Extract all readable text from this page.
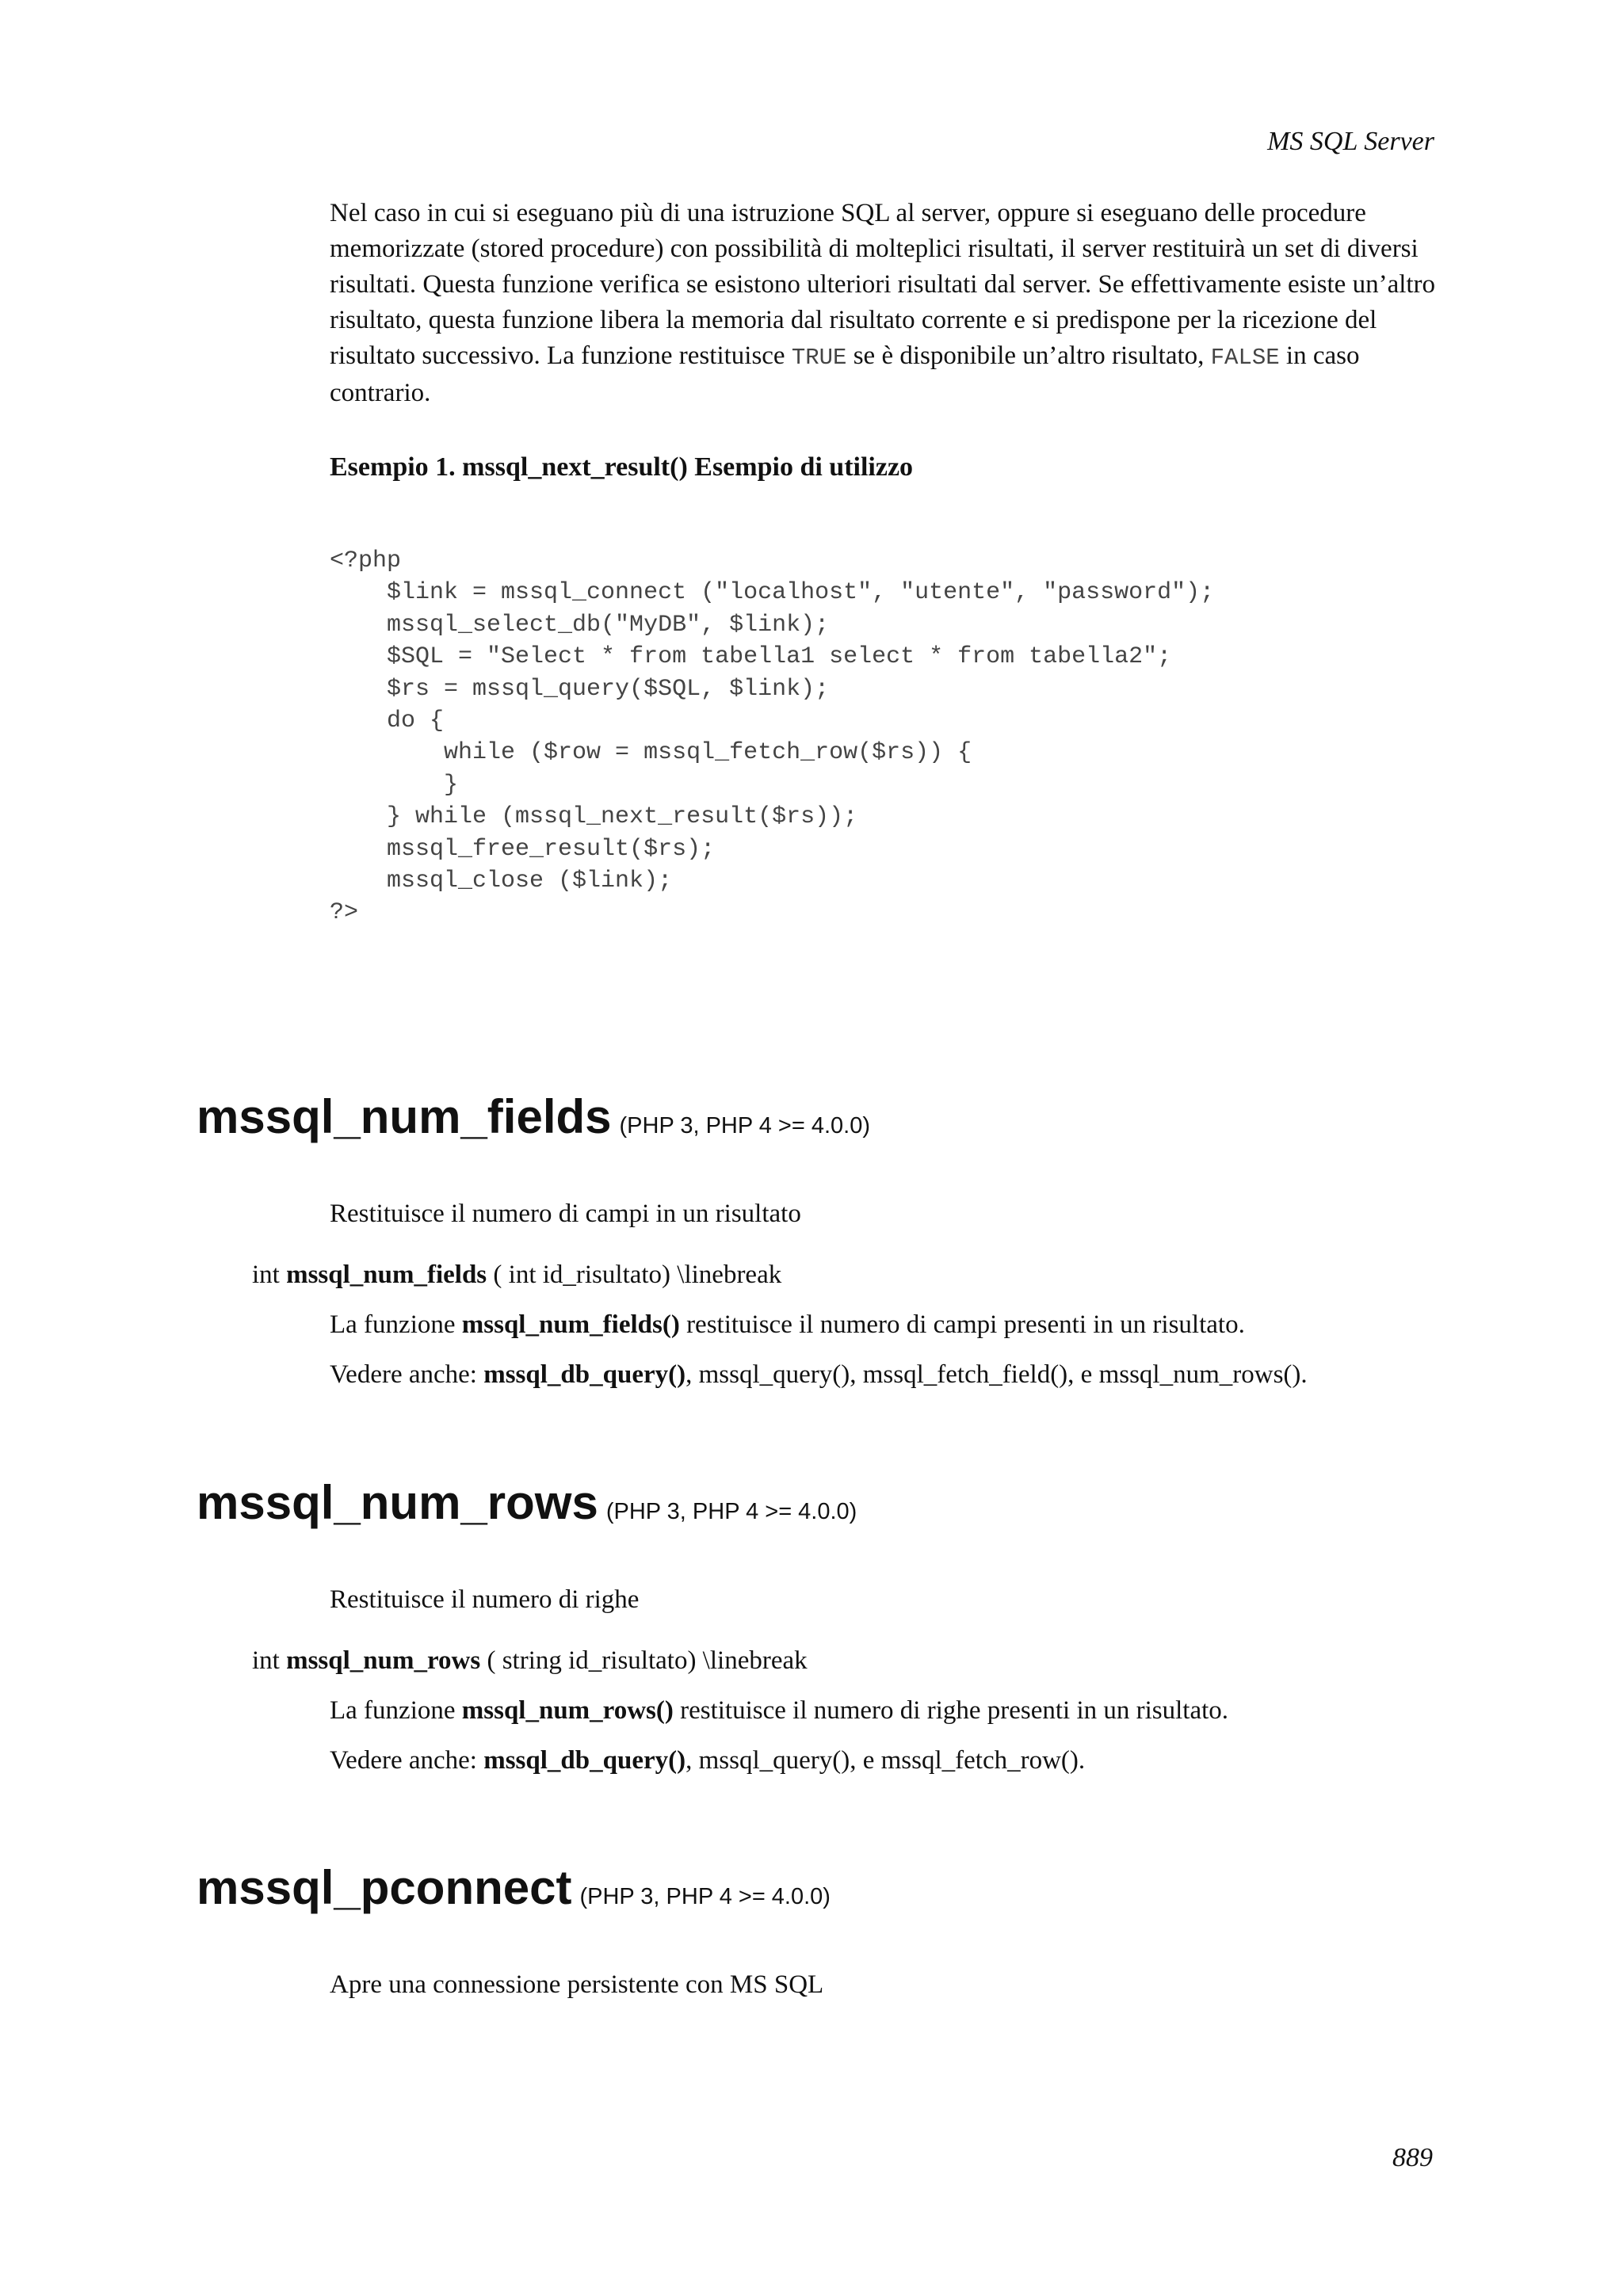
MS SQL Server

Nel caso in cui si eseguano più di una istruzione SQL al server, oppure si eseguano delle procedure memorizzate (stored procedure) con possibilità di molteplici risultati, il server restituirà un set di diversi risultati. Questa funzione verifica se esistono ulteriori risultati dal server. Se effettivamente esiste un’altro risultato, questa funzione libera la memoria dal risultato corrente e si predispone per la ricezione del risultato successivo. La funzione restituisce TRUE se è disponibile un’altro risultato, FALSE in caso contrario.

Esempio 1. mssql_next_result() Esempio di utilizzo

<?php
$link = mssql_connect ("localhost", "utente", "password");
mssql_select_db("MyDB", $link);
$SQL = "Select * from tabella1 select * from tabella2";
$rs = mssql_query($SQL, $link);
do {
while ($row = mssql_fetch_row($rs)) {
}
} while (mssql_next_result($rs));
mssql_free_result($rs);
mssql_close ($link);
?>
mssql_num_fields (PHP 3, PHP 4 >= 4.0.0)

Restituisce il numero di campi in un risultato

int mssql_num_fields ( int id_risultato) \linebreak

La funzione mssql_num_fields() restituisce il numero di campi presenti in un risultato.

Vedere anche: mssql_db_query(), mssql_query(), mssql_fetch_field(), e mssql_num_rows().

mssql_num_rows (PHP 3, PHP 4 >= 4.0.0)

Restituisce il numero di righe

int mssql_num_rows ( string id_risultato) \linebreak

La funzione mssql_num_rows() restituisce il numero di righe presenti in un risultato.

Vedere anche: mssql_db_query(), mssql_query(), e mssql_fetch_row().

mssql_pconnect (PHP 3, PHP 4 >= 4.0.0)

Apre una connessione persistente con MS SQL

889
